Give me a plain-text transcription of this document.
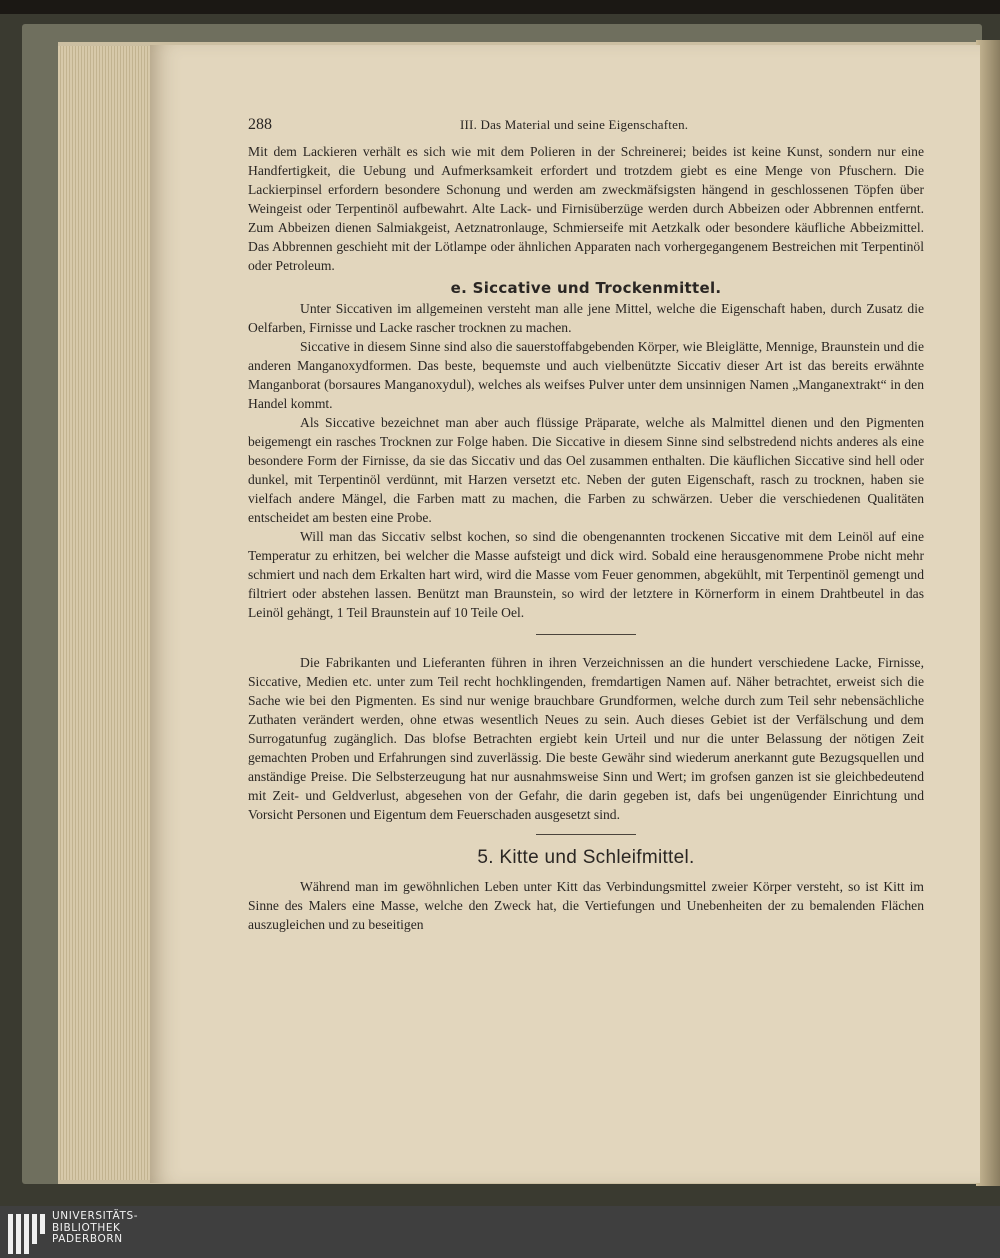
288	III. Das Material und seine Eigenschaften.

Mit dem Lackieren verhält es sich wie mit dem Polieren in der Schreinerei; beides ist keine Kunst, sondern nur eine Handfertigkeit, die Uebung und Aufmerksamkeit erfordert und trotzdem giebt es eine Menge von Pfuschern. Die Lackierpinsel erfordern besondere Schonung und werden am zweckmäfsigsten hängend in geschlossenen Töpfen über Weingeist oder Terpentinöl aufbewahrt. Alte Lack- und Firnisüberzüge werden durch Abbeizen oder Abbrennen entfernt. Zum Abbeizen dienen Salmiakgeist, Aetznatronlauge, Schmierseife mit Aetzkalk oder besondere käufliche Abbeizmittel. Das Abbrennen geschieht mit der Lötlampe oder ähnlichen Apparaten nach vorhergegangenem Bestreichen mit Terpentinöl oder Petroleum.

e. Siccative und Trockenmittel.

Unter Siccativen im allgemeinen versteht man alle jene Mittel, welche die Eigenschaft haben, durch Zusatz die Oelfarben, Firnisse und Lacke rascher trocknen zu machen.

Siccative in diesem Sinne sind also die sauerstoffabgebenden Körper, wie Bleiglätte, Mennige, Braunstein und die anderen Manganoxydformen. Das beste, bequemste und auch vielbenützte Siccativ dieser Art ist das bereits erwähnte Manganborat (borsaures Manganoxydul), welches als weifses Pulver unter dem unsinnigen Namen „Manganextrakt“ in den Handel kommt.

Als Siccative bezeichnet man aber auch flüssige Präparate, welche als Malmittel dienen und den Pigmenten beigemengt ein rasches Trocknen zur Folge haben. Die Siccative in diesem Sinne sind selbstredend nichts anderes als eine besondere Form der Firnisse, da sie das Siccativ und das Oel zusammen enthalten. Die käuflichen Siccative sind hell oder dunkel, mit Terpentinöl verdünnt, mit Harzen versetzt etc. Neben der guten Eigenschaft, rasch zu trocknen, haben sie vielfach andere Mängel, die Farben matt zu machen, die Farben zu schwärzen. Ueber die verschiedenen Qualitäten entscheidet am besten eine Probe.

Will man das Siccativ selbst kochen, so sind die obengenannten trockenen Siccative mit dem Leinöl auf eine Temperatur zu erhitzen, bei welcher die Masse aufsteigt und dick wird. Sobald eine herausgenommene Probe nicht mehr schmiert und nach dem Erkalten hart wird, wird die Masse vom Feuer genommen, abgekühlt, mit Terpentinöl gemengt und filtriert oder abstehen lassen. Benützt man Braunstein, so wird der letztere in Körnerform in einem Drahtbeutel in das Leinöl gehängt, 1 Teil Braunstein auf 10 Teile Oel.

Die Fabrikanten und Lieferanten führen in ihren Verzeichnissen an die hundert verschiedene Lacke, Firnisse, Siccative, Medien etc. unter zum Teil recht hochklingenden, fremdartigen Namen auf. Näher betrachtet, erweist sich die Sache wie bei den Pigmenten. Es sind nur wenige brauchbare Grundformen, welche durch zum Teil sehr nebensächliche Zuthaten verändert werden, ohne etwas wesentlich Neues zu sein. Auch dieses Gebiet ist der Verfälschung und dem Surrogatunfug zugänglich. Das blofse Betrachten ergiebt kein Urteil und nur die unter Belassung der nötigen Zeit gemachten Proben und Erfahrungen sind zuverlässig. Die beste Gewähr sind wiederum anerkannt gute Bezugsquellen und anständige Preise. Die Selbsterzeugung hat nur ausnahmsweise Sinn und Wert; im grofsen ganzen ist sie gleichbedeutend mit Zeit- und Geldverlust, abgesehen von der Gefahr, die darin gegeben ist, dafs bei ungenügender Einrichtung und Vorsicht Personen und Eigentum dem Feuerschaden ausgesetzt sind.

5. Kitte und Schleifmittel.

Während man im gewöhnlichen Leben unter Kitt das Verbindungsmittel zweier Körper versteht, so ist Kitt im Sinne des Malers eine Masse, welche den Zweck hat, die Vertiefungen und Unebenheiten der zu bemalenden Flächen auszugleichen und zu beseitigen

UNIVERSITÄTS-
BIBLIOTHEK
PADERBORN
